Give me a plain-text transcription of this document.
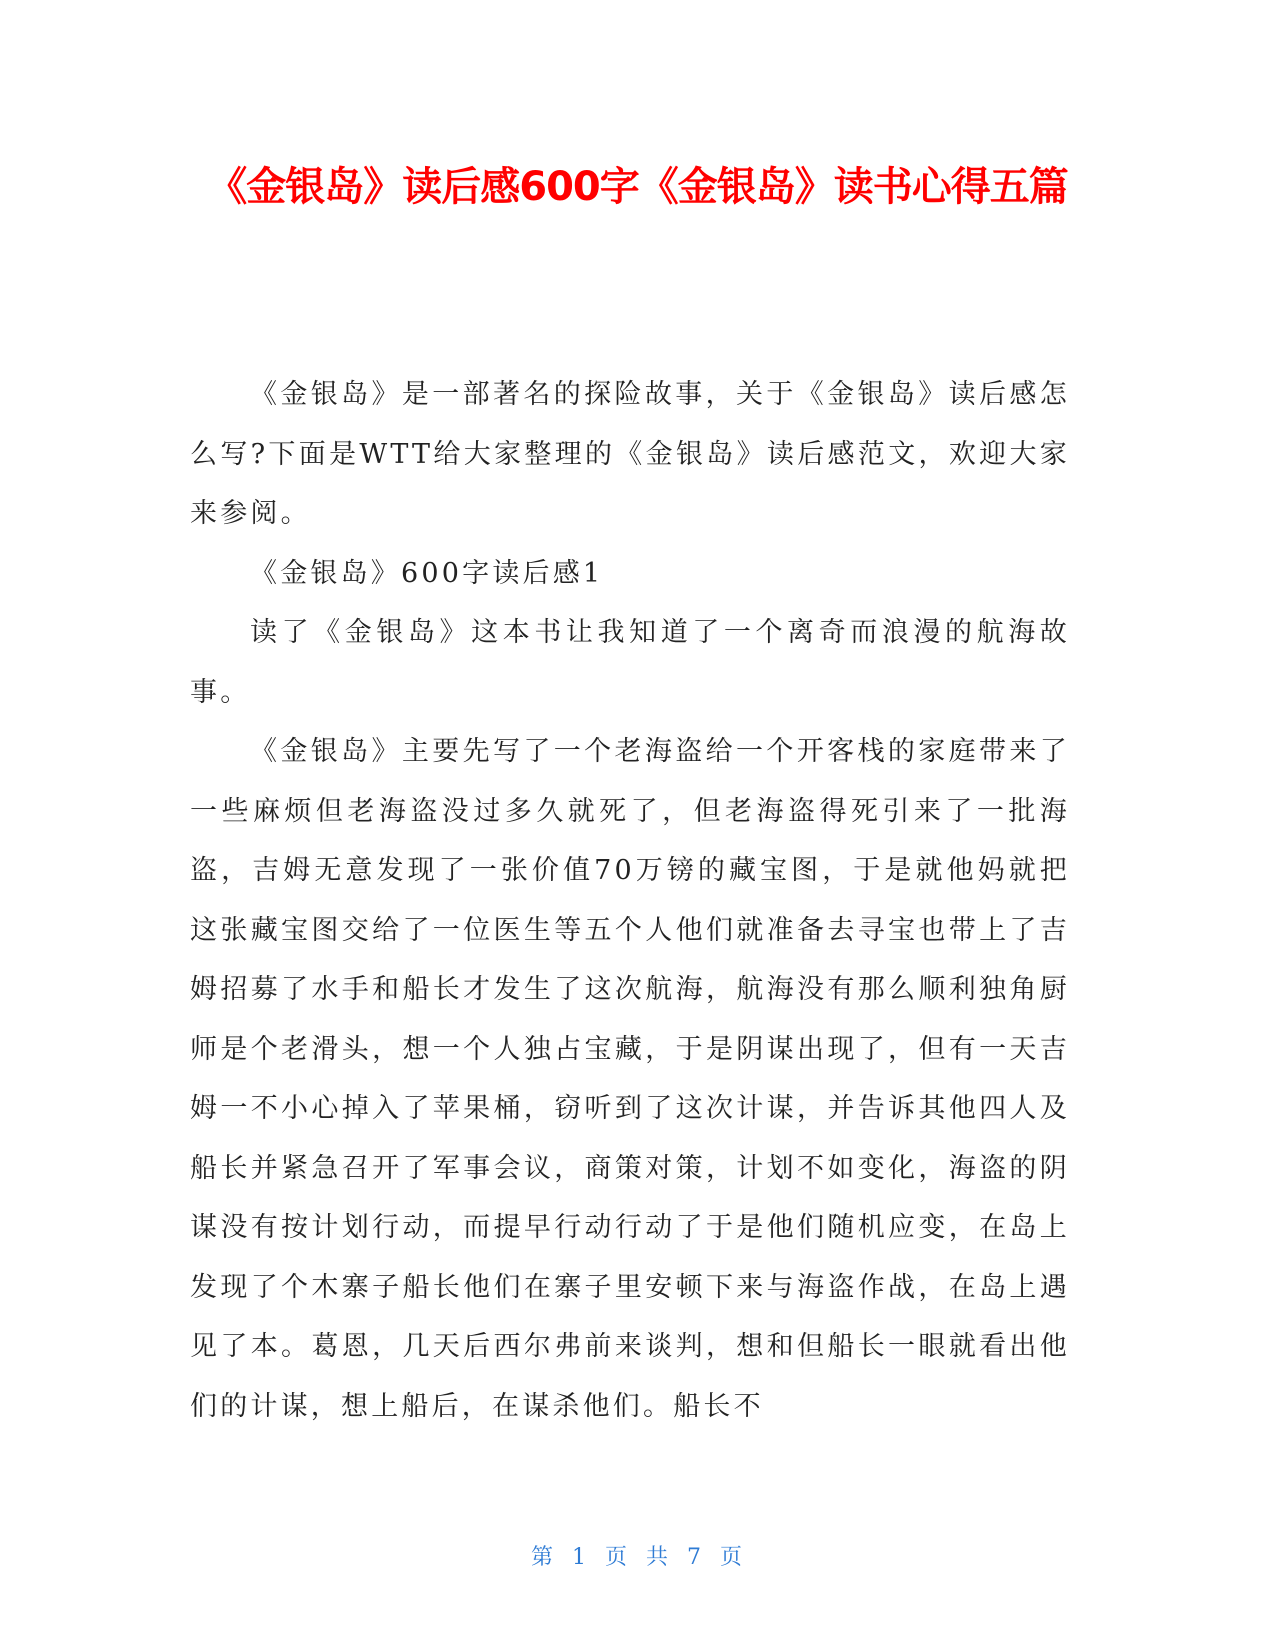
《金银岛》读后感600字《金银岛》读书心得五篇

《金银岛》是一部著名的探险故事，关于《金银岛》读后感怎么写?下面是WTT给大家整理的《金银岛》读后感范文，欢迎大家来参阅。

《金银岛》600字读后感1

读了《金银岛》这本书让我知道了一个离奇而浪漫的航海故事。

《金银岛》主要先写了一个老海盗给一个开客栈的家庭带来了一些麻烦但老海盗没过多久就死了，但老海盗得死引来了一批海盗，吉姆无意发现了一张价值70万镑的藏宝图，于是就他妈就把这张藏宝图交给了一位医生等五个人他们就准备去寻宝也带上了吉姆招募了水手和船长才发生了这次航海，航海没有那么顺利独角厨师是个老滑头，想一个人独占宝藏，于是阴谋出现了，但有一天吉姆一不小心掉入了苹果桶，窃听到了这次计谋，并告诉其他四人及船长并紧急召开了军事会议，商策对策，计划不如变化，海盗的阴谋没有按计划行动，而提早行动行动了于是他们随机应变，在岛上发现了个木寨子船长他们在寨子里安顿下来与海盗作战，在岛上遇见了本。葛恩，几天后西尔弗前来谈判，想和但船长一眼就看出他们的计谋，想上船后，在谋杀他们。船长不

第 1 页 共 7 页
